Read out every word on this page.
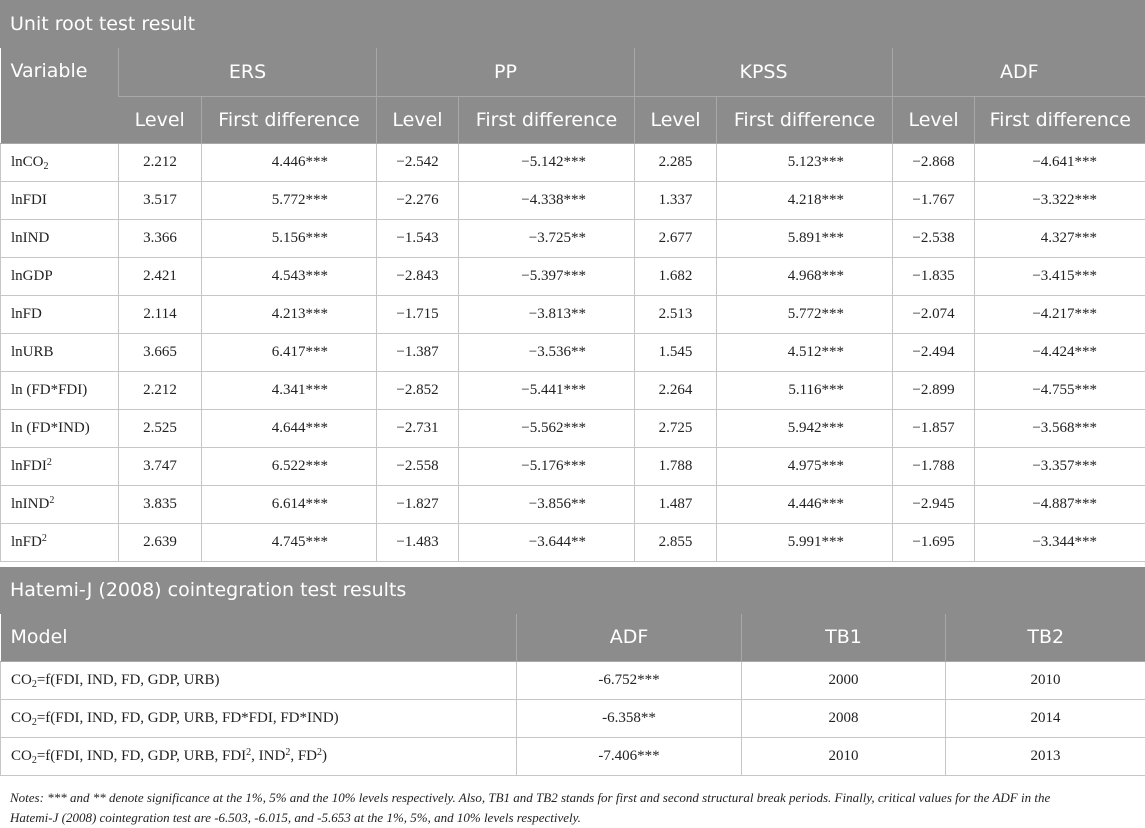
Unit root test result
Variable	ERS		PP		KPSS		ADF	
	Level	First difference	Level	First difference	Level	First difference	Level	First difference
lnCO$_2$	2.212	4.446***	−2.542	−5.142***	2.285	5.123***	−2.868	−4.641***
lnFDI	3.517	5.772***	−2.276	−4.338***	1.337	4.218***	−1.767	−3.322***
lnIND	3.366	5.156***	−1.543	−3.725**	2.677	5.891***	−2.538	4.327***
lnGDP	2.421	4.543***	−2.843	−5.397***	1.682	4.968***	−1.835	−3.415***
lnFD	2.114	4.213***	−1.715	−3.813**	2.513	5.772***	−2.074	−4.217***
lnURB	3.665	6.417***	−1.387	−3.536**	1.545	4.512***	−2.494	−4.424***
ln (FD*FDI)	2.212	4.341***	−2.852	−5.441***	2.264	5.116***	−2.899	−4.755***
ln (FD*IND)	2.525	4.644***	−2.731	−5.562***	2.725	5.942***	−1.857	−3.568***
lnFDI$^2$	3.747	6.522***	−2.558	−5.176***	1.788	4.975***	−1.788	−3.357***
lnIND$^2$	3.835	6.614***	−1.827	−3.856**	1.487	4.446***	−2.945	−4.887***
lnFD$^2$	2.639	4.745***	−1.483	−3.644**	2.855	5.991***	−1.695	−3.344***
Hatemi-J (2008) cointegration test results
Model	ADF	TB1	TB2
$CO_2=f(FDI$, IND, FD, GDP, URB)	-6.752***	2000	2010
$CO_2=f(FDI$, IND, FD, GDP, URB, FD*FDI, FD*IND)	-6.358**	2008	2014
$CO_2=f(FDI$, IND, FD, GDP, URB, FDI$^2$, IND$^2$, $FD^2$)	-7.406***	2010	2013
Notes: *** and ** denote significance at the 1%, 5% and the 10% levels respectively. Also, TB1 and TB2 stands for first and second structural break periods. Finally, critical values for the ADF in the
Hatemi-J (2008) cointegration test are -6.503, -6.015, and -5.653 at the 1%, 5%, and 10% levels respectively.
